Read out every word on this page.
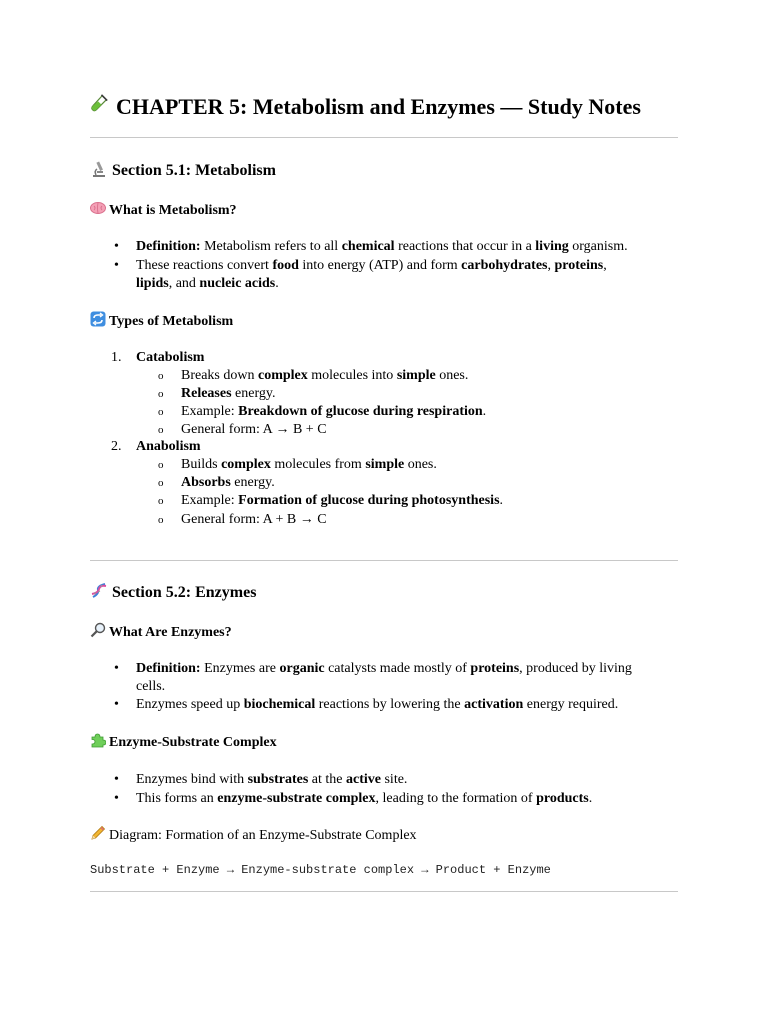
CHAPTER 5: Metabolism and Enzymes — Study Notes
Section 5.1: Metabolism
What is Metabolism?
• Definition: Metabolism refers to all chemical reactions that occur in a living organism.
• These reactions convert food into energy (ATP) and form carbohydrates, proteins,
lipids, and nucleic acids.
Types of Metabolism
1. Catabolism
o Breaks down complex molecules into simple ones.
o Releases energy.
o Example: Breakdown of glucose during respiration.
o General form: A → B + C
2. Anabolism
o Builds complex molecules from simple ones.
o Absorbs energy.
o Example: Formation of glucose during photosynthesis.
o General form: A + B → C
Section 5.2: Enzymes
What Are Enzymes?
• Definition: Enzymes are organic catalysts made mostly of proteins, produced by living
cells.
• Enzymes speed up biochemical reactions by lowering the activation energy required.
Enzyme-Substrate Complex
• Enzymes bind with substrates at the active site.
• This forms an enzyme-substrate complex, leading to the formation of products.
Diagram: Formation of an Enzyme-Substrate Complex
Substrate + Enzyme → Enzyme-substrate complex → Product + Enzyme
